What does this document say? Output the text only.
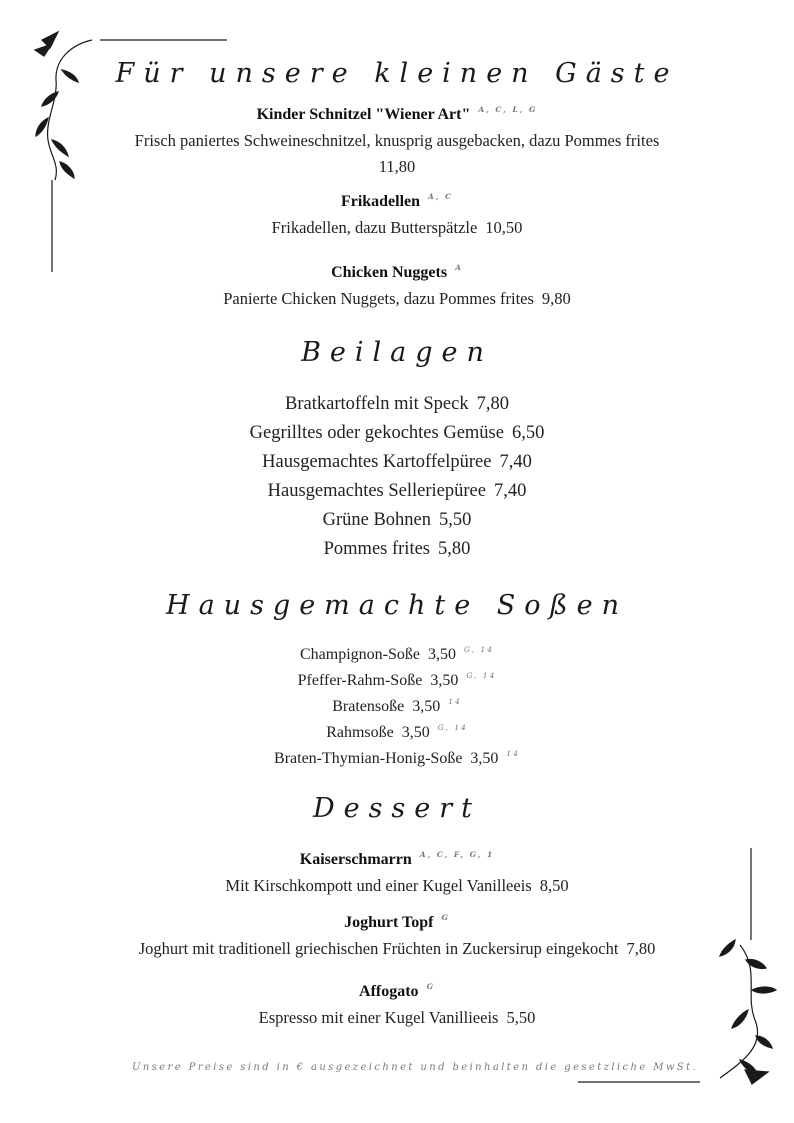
Für unsere kleinen Gäste
Kinder Schnitzel "Wiener Art" $^{A, C, L, G}$
Frisch paniertes Schweineschnitzel, knusprig ausgebacken, dazu Pommes frites
11,80
Frikadellen $^{A, C}$
Frikadellen, dazu Butterspätzle 10,50
Chicken Nuggets $^A$
Panierte Chicken Nuggets, dazu Pommes frites 9,80
Beilagen
Bratkartoffeln mit Speck 7,80
Gegrilltes oder gekochtes Gemüse 6,50
Hausgemachtes Kartoffelpüree 7,40
Hausgemachtes Selleriepüree 7,40
Grüne Bohnen 5,50
Pommes frites 5,80
Hausgemachte Soßen
Champignon-Soße 3,50 $^{G, 14}$
Pfeffer-Rahm-Soße 3,50 $^{G, 14}$
Bratensoße 3,50 $^{14}$
Rahmsoße 3,50 $^{G, 14}$
Braten-Thymian-Honig-Soße 3,50 $^{14}$
Dessert
Kaiserschmarrn $^{A, C, F, G, 1}$
Mit Kirschkompott und einer Kugel Vanilleeis 8,50
Joghurt Topf $^G$
Joghurt mit traditionell griechischen Früchten in Zuckersirup eingekocht 7,80
Affogato $^G$
Espresso mit einer Kugel Vanillieeis 5,50
Unsere Preise sind in € ausgezeichnet und beinhalten die gesetzliche MwSt.
